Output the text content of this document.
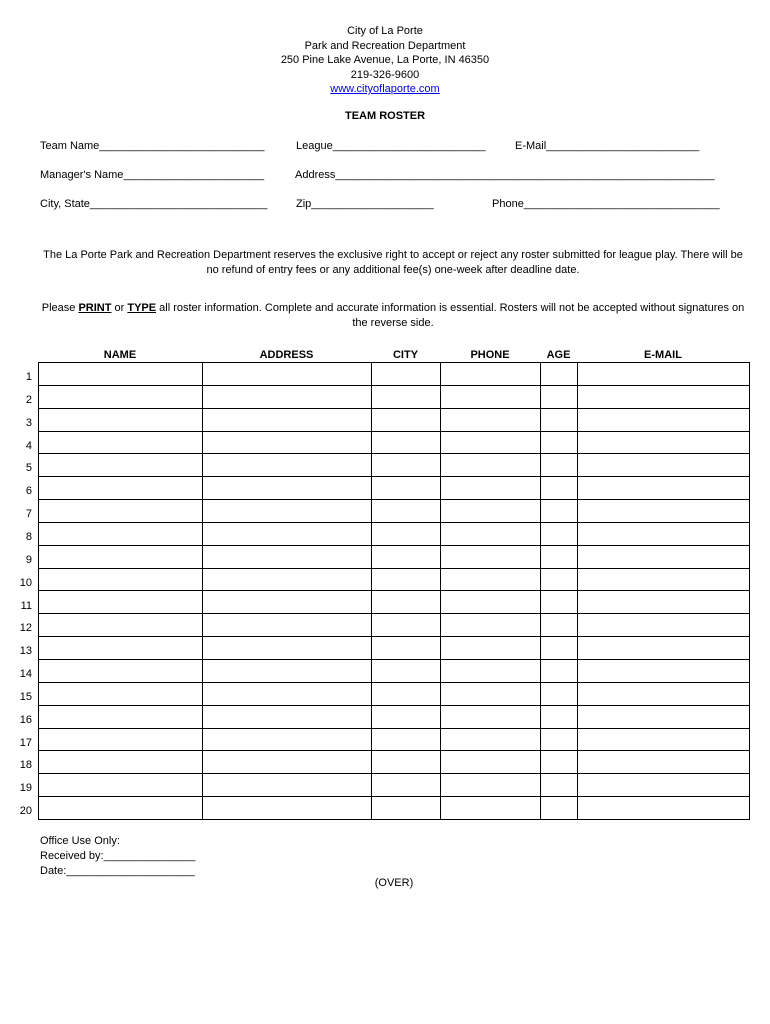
City of La Porte
Park and Recreation Department
250 Pine Lake Avenue, La Porte, IN 46350
219-326-9600
www.cityoflaporte.com
TEAM ROSTER
Team Name___________________________	League_________________________	E-Mail_________________________
Manager's Name_______________________	Address______________________________________________________________
City, State_____________________________	Zip____________________	Phone________________________________
The La Porte Park and Recreation Department reserves the exclusive right to accept or reject any roster submitted for league play. There will be no refund of entry fees or any additional fee(s) one-week after deadline date.
Please PRINT or TYPE all roster information. Complete and accurate information is essential. Rosters will not be accepted without signatures on the reverse side.
NAME	ADDRESS	CITY	PHONE	AGE	E-MAIL

1
2
3
4
5
6
7
8
9
10
11
12
13
14
15
16
17
18
19
20
Office Use Only:
Received by:_______________
Date:_____________________
(OVER)
